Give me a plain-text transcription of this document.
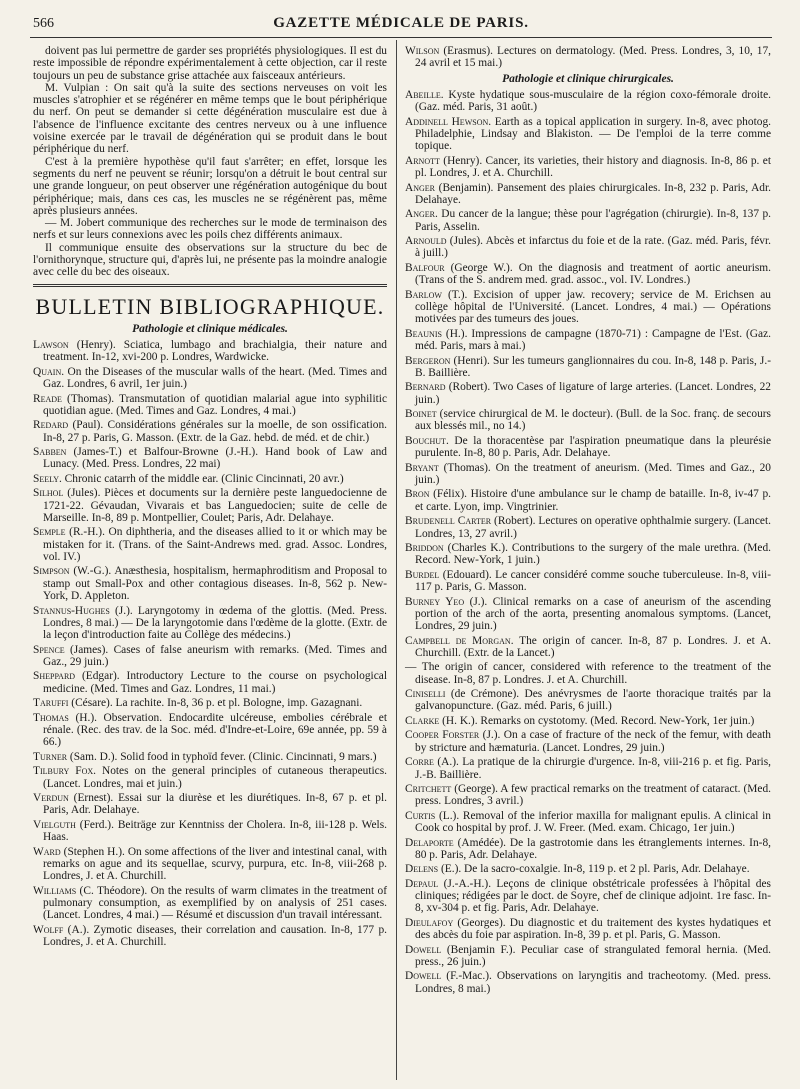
566	GAZETTE MÉDICALE DE PARIS.

doivent pas lui permettre de garder ses propriétés physiologiques. Il est du reste impossible de répondre expérimentalement à cette objection, car il reste toujours un peu de substance grise attachée aux faisceaux antérieurs.

M. Vulpian : On sait qu'à la suite des sections nerveuses on voit les muscles s'atrophier et se régénérer en même temps que le bout périphérique du nerf. On peut se demander si cette dégénération musculaire est due à l'absence de l'influence excitante des centres nerveux ou à une influence voisine exercée par le travail de dégénération qui se produit dans le bout périphérique du nerf.

C'est à la première hypothèse qu'il faut s'arrêter; en effet, lorsque les segments du nerf ne peuvent se réunir; lorsqu'on a détruit le bout central sur une grande longueur, on peut observer une régénération autogénique du bout périphérique; mais, dans ces cas, les muscles ne se régénèrent pas, même après plusieurs années.

— M. Jobert communique des recherches sur le mode de terminaison des nerfs et sur leurs connexions avec les poils chez différents animaux.

Il communique ensuite des observations sur la structure du bec de l'ornithorynque, structure qui, d'après lui, ne présente pas la moindre analogie avec celle du bec des oiseaux.

BULLETIN BIBLIOGRAPHIQUE.
Pathologie et clinique médicales.
Lawson (Henry). Sciatica, lumbago and brachialgia, their nature and treatment. In-12, xvi-200 p. Londres, Wardwicke.
Quain. On the Diseases of the muscular walls of the heart. (Med. Times and Gaz. Londres, 6 avril, 1er juin.)
Reade (Thomas). Transmutation of quotidian malarial ague into syphilitic quotidian ague. (Med. Times and Gaz. Londres, 4 mai.)
Redard (Paul). Considérations générales sur la moelle, de son ossification. In-8, 27 p. Paris, G. Masson. (Extr. de la Gaz. hebd. de méd. et de chir.)
Sabben (James-T.) et Balfour-Browne (J.-H.). Hand book of Law and Lunacy. (Med. Press. Londres, 22 mai)
Seely. Chronic catarrh of the middle ear. (Clinic Cincinnati, 20 avr.)
Silhol (Jules). Pièces et documents sur la dernière peste languedocienne de 1721-22. Gévaudan, Vivarais et bas Languedocien; suite de celle de Marseille. In-8, 89 p. Montpellier, Coulet; Paris, Adr. Delahaye.
Semple (R.-H.). On diphtheria, and the diseases allied to it or which may be mistaken for it. (Trans. of the Saint-Andrews med. grad. Assoc. Londres, vol. IV.)
Simpson (W.-G.). Anæsthesia, hospitalism, hermaphroditism and Proposal to stamp out Small-Pox and other contagious diseases. In-8, 562 p. New-York, D. Appleton.
Stannus-Hughes (J.). Laryngotomy in œdema of the glottis. (Med. Press. Londres, 8 mai.) — De la laryngotomie dans l'œdème de la glotte. (Extr. de la leçon d'introduction faite au Collège des médecins.)
Spence (James). Cases of false aneurism with remarks. (Med. Times and Gaz., 29 juin.)
Sheppard (Edgar). Introductory Lecture to the course on psychological medicine. (Med. Times and Gaz. Londres, 11 mai.)
Taruffi (Césare). La rachite. In-8, 36 p. et pl. Bologne, imp. Gazagnani.
Thomas (H.). Observation. Endocardite ulcéreuse, embolies cérébrale et rénale. (Rec. des trav. de la Soc. méd. d'Indre-et-Loire, 69e année, pp. 59 à 66.)
Turner (Sam. D.). Solid food in typhoïd fever. (Clinic. Cincinnati, 9 mars.)
Tilbury Fox. Notes on the general principles of cutaneous therapeutics. (Lancet. Londres, mai et juin.)
Verdun (Ernest). Essai sur la diurèse et les diurétiques. In-8, 67 p. et pl. Paris, Adr. Delahaye.
Vielguth (Ferd.). Beiträge zur Kenntniss der Cholera. In-8, iii-128 p. Wels. Haas.
Ward (Stephen H.). On some affections of the liver and intestinal canal, with remarks on ague and its sequellae, scurvy, purpura, etc. In-8, viii-268 p. Londres, J. et A. Churchill.
Williams (C. Théodore). On the results of warm climates in the treatment of pulmonary consumption, as exemplified by on analysis of 251 cases. (Lancet. Londres, 4 mai.) — Résumé et discussion d'un travail intéressant.
Wolff (A.). Zymotic diseases, their correlation and causation. In-8, 177 p. Londres, J. et A. Churchill.
Wilson (Erasmus). Lectures on dermatology. (Med. Press. Londres, 3, 10, 17, 24 avril et 15 mai.)
Pathologie et clinique chirurgicales.
Abeille. Kyste hydatique sous-musculaire de la région coxo-fémorale droite. (Gaz. méd. Paris, 31 août.)
Addinell Hewson. Earth as a topical application in surgery. In-8, avec photog. Philadelphie, Lindsay and Blakiston. — De l'emploi de la terre comme topique.
Arnott (Henry). Cancer, its varieties, their history and diagnosis. In-8, 86 p. et pl. Londres, J. et A. Churchill.
Anger (Benjamin). Pansement des plaies chirurgicales. In-8, 232 p. Paris, Adr. Delahaye.
Anger. Du cancer de la langue; thèse pour l'agrégation (chirurgie). In-8, 137 p. Paris, Asselin.
Arnould (Jules). Abcès et infarctus du foie et de la rate. (Gaz. méd. Paris, févr. à juill.)
Balfour (George W.). On the diagnosis and treatment of aortic aneurism. (Trans of the S. andrem med. grad. assoc., vol. IV. Londres.)
Barlow (T.). Excision of upper jaw. recovery; service de M. Erichsen au collège hôpital de l'Université. (Lancet. Londres, 4 mai.) — Opérations motivées par des tumeurs des joues.
Beaunis (H.). Impressions de campagne (1870-71) : Campagne de l'Est. (Gaz. méd. Paris, mars à mai.)
Bergeron (Henri). Sur les tumeurs ganglionnaires du cou. In-8, 148 p. Paris, J.-B. Baillière.
Bernard (Robert). Two Cases of ligature of large arteries. (Lancet. Londres, 22 juin.)
Boinet (service chirurgical de M. le docteur). (Bull. de la Soc. franç. de secours aux blessés mil., no 14.)
Bouchut. De la thoracentèse par l'aspiration pneumatique dans la pleurésie purulente. In-8, 80 p. Paris, Adr. Delahaye.
Bryant (Thomas). On the treatment of aneurism. (Med. Times and Gaz., 20 juin.)
Bron (Félix). Histoire d'une ambulance sur le champ de bataille. In-8, iv-47 p. et carte. Lyon, imp. Vingtrinier.
Brudenell Carter (Robert). Lectures on operative ophthalmie surgery. (Lancet. Londres, 13, 27 avril.)
Briddon (Charles K.). Contributions to the surgery of the male urethra. (Med. Record. New-York, 1 juin.)
Burdel (Edouard). Le cancer considéré comme souche tuberculeuse. In-8, viii-117 p. Paris, G. Masson.
Burney Yeo (J.). Clinical remarks on a case of aneurism of the ascending portion of the arch of the aorta, presenting anomalous symptoms. (Lancet, Londres, 29 juin.)
Campbell de Morgan. The origin of cancer. In-8, 87 p. Londres. J. et A. Churchill. (Extr. de la Lancet.)
— The origin of cancer, considered with reference to the treatment of the disease. In-8, 87 p. Londres. J. et A. Churchill.
Ciniselli (de Crémone). Des anévrysmes de l'aorte thoracique traités par la galvanopuncture. (Gaz. méd. Paris, 6 juill.)
Clarke (H. K.). Remarks on cystotomy. (Med. Record. New-York, 1er juin.)
Cooper Forster (J.). On a case of fracture of the neck of the femur, with death by stricture and hæmaturia. (Lancet. Londres, 29 juin.)
Corre (A.). La pratique de la chirurgie d'urgence. In-8, viii-216 p. et fig. Paris, J.-B. Baillière.
Critchett (George). A few practical remarks on the treatment of cataract. (Med. press. Londres, 3 avril.)
Curtis (L.). Removal of the inferior maxilla for malignant epulis. A clinical in Cook co hospital by prof. J. W. Freer. (Med. exam. Chicago, 1er juin.)
Delaporte (Amédée). De la gastrotomie dans les étranglements internes. In-8, 80 p. Paris, Adr. Delahaye.
Delens (E.). De la sacro-coxalgie. In-8, 119 p. et 2 pl. Paris, Adr. Delahaye.
Depaul (J.-A.-H.). Leçons de clinique obstétricale professées à l'hôpital des cliniques; rédigées par le doct. de Soyre, chef de clinique adjoint. 1re fasc. In-8, xv-304 p. et fig. Paris, Adr. Delahaye.
Dieulafoy (Georges). Du diagnostic et du traitement des kystes hydatiques et des abcès du foie par aspiration. In-8, 39 p. et pl. Paris, G. Masson.
Dowell (Benjamin F.). Peculiar case of strangulated femoral hernia. (Med. press., 26 juin.)
Dowell (F.-Mac.). Observations on laryngitis and tracheotomy. (Med. press. Londres, 8 mai.)
